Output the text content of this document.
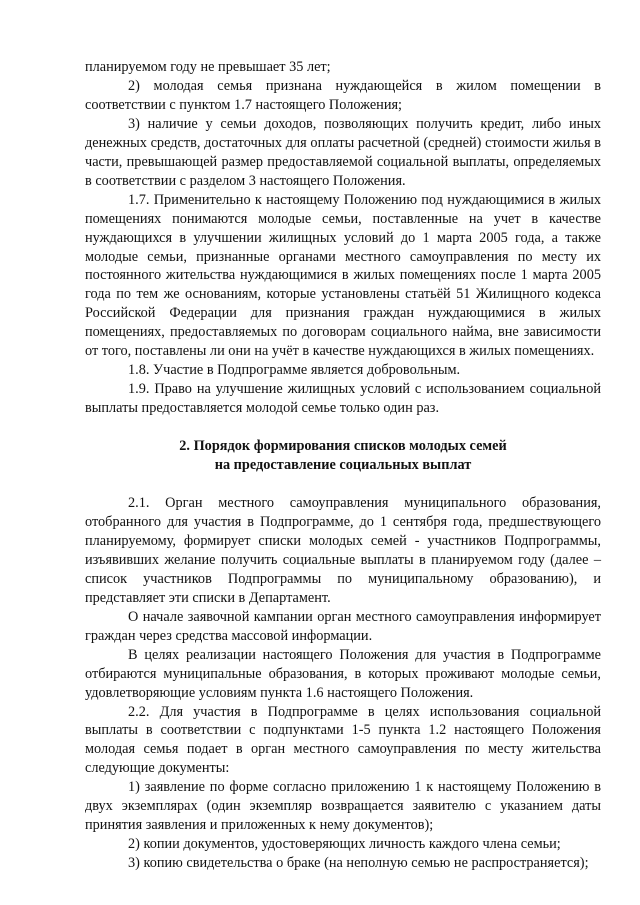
планируемом году не превышает 35 лет;

2) молодая семья признана нуждающейся в жилом помещении в соответствии с пунктом 1.7 настоящего Положения;

3) наличие у семьи доходов, позволяющих получить кредит, либо иных денежных средств, достаточных для оплаты расчетной (средней) стоимости жилья в части, превышающей размер предоставляемой социальной выплаты, определяемых в соответствии с разделом 3 настоящего Положения.

1.7. Применительно к настоящему Положению под нуждающимися в жилых помещениях понимаются молодые семьи, поставленные на учет в качестве нуждающихся в улучшении жилищных условий до 1 марта 2005 года, а также молодые семьи, признанные органами местного самоуправления по месту их постоянного жительства нуждающимися в жилых помещениях после 1 марта 2005 года по тем же основаниям, которые установлены статьёй 51 Жилищного кодекса Российской Федерации для признания граждан нуждающимися в жилых помещениях, предоставляемых по договорам социального найма, вне зависимости от того, поставлены ли они на учёт в качестве нуждающихся в жилых помещениях.

1.8. Участие в Подпрограмме является добровольным.

1.9. Право на улучшение жилищных условий с использованием социальной выплаты предоставляется молодой семье только один раз.

2. Порядок формирования списков молодых семей
на предоставление социальных выплат

2.1. Орган местного самоуправления муниципального образования, отобранного для участия в Подпрограмме, до 1 сентября года, предшествующего планируемому, формирует списки молодых семей - участников Подпрограммы, изъявивших желание получить социальные выплаты в планируемом году (далее – список участников Подпрограммы по муниципальному образованию), и представляет эти списки в Департамент.

О начале заявочной кампании орган местного самоуправления информирует граждан через средства массовой информации.

В целях реализации настоящего Положения для участия в Подпрограмме отбираются муниципальные образования, в которых проживают молодые семьи, удовлетворяющие условиям пункта 1.6 настоящего Положения.

2.2. Для участия в Подпрограмме в целях использования социальной выплаты в соответствии с подпунктами 1-5 пункта 1.2 настоящего Положения молодая семья подает в орган местного самоуправления по месту жительства следующие документы:

1) заявление по форме согласно приложению 1 к настоящему Положению в двух экземплярах (один экземпляр возвращается заявителю с указанием даты принятия заявления и приложенных к нему документов);

2) копии документов, удостоверяющих личность каждого члена семьи;

3) копию свидетельства о браке (на неполную семью не распространяется);
